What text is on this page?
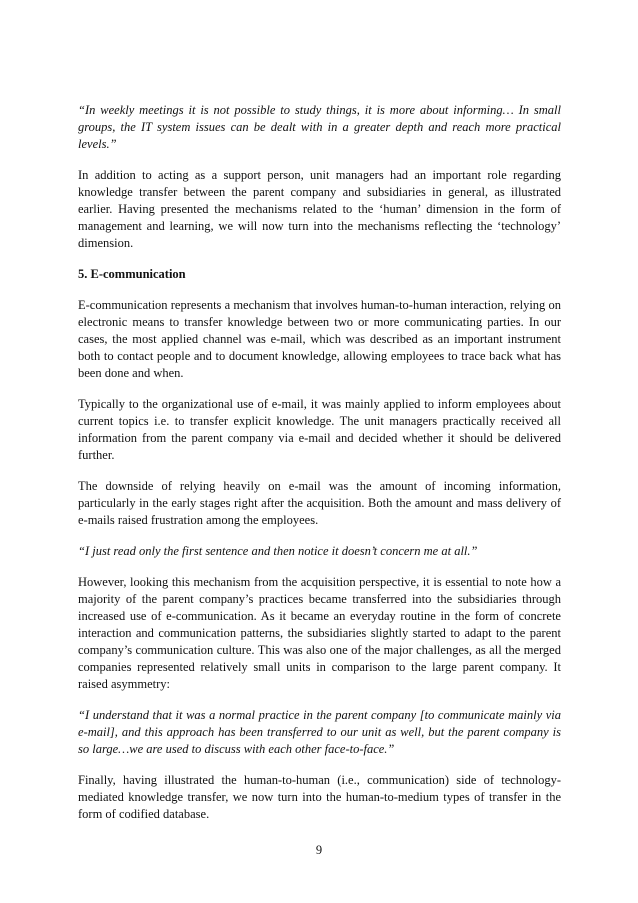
“In weekly meetings it is not possible to study things, it is more about informing… In small groups, the IT system issues can be dealt with in a greater depth and reach more practical levels.”

In addition to acting as a support person, unit managers had an important role regarding knowledge transfer between the parent company and subsidiaries in general, as illustrated earlier. Having presented the mechanisms related to the ‘human’ dimension in the form of management and learning, we will now turn into the mechanisms reflecting the ‘technology’ dimension.

5. E-communication

E-communication represents a mechanism that involves human-to-human interaction, relying on electronic means to transfer knowledge between two or more communicating parties. In our cases, the most applied channel was e-mail, which was described as an important instrument both to contact people and to document knowledge, allowing employees to trace back what has been done and when.

Typically to the organizational use of e-mail, it was mainly applied to inform employees about current topics i.e. to transfer explicit knowledge. The unit managers practically received all information from the parent company via e-mail and decided whether it should be delivered further.

The downside of relying heavily on e-mail was the amount of incoming information, particularly in the early stages right after the acquisition. Both the amount and mass delivery of e-mails raised frustration among the employees.

“I just read only the first sentence and then notice it doesn’t concern me at all.”

However, looking this mechanism from the acquisition perspective, it is essential to note how a majority of the parent company’s practices became transferred into the subsidiaries through increased use of e-communication. As it became an everyday routine in the form of concrete interaction and communication patterns, the subsidiaries slightly started to adapt to the parent company’s communication culture. This was also one of the major challenges, as all the merged companies represented relatively small units in comparison to the large parent company. It raised asymmetry:

“I understand that it was a normal practice in the parent company [to communicate mainly via e-mail], and this approach has been transferred to our unit as well, but the parent company is so large…we are used to discuss with each other face-to-face.”

Finally, having illustrated the human-to-human (i.e., communication) side of technology-mediated knowledge transfer, we now turn into the human-to-medium types of transfer in the form of codified database.

9
